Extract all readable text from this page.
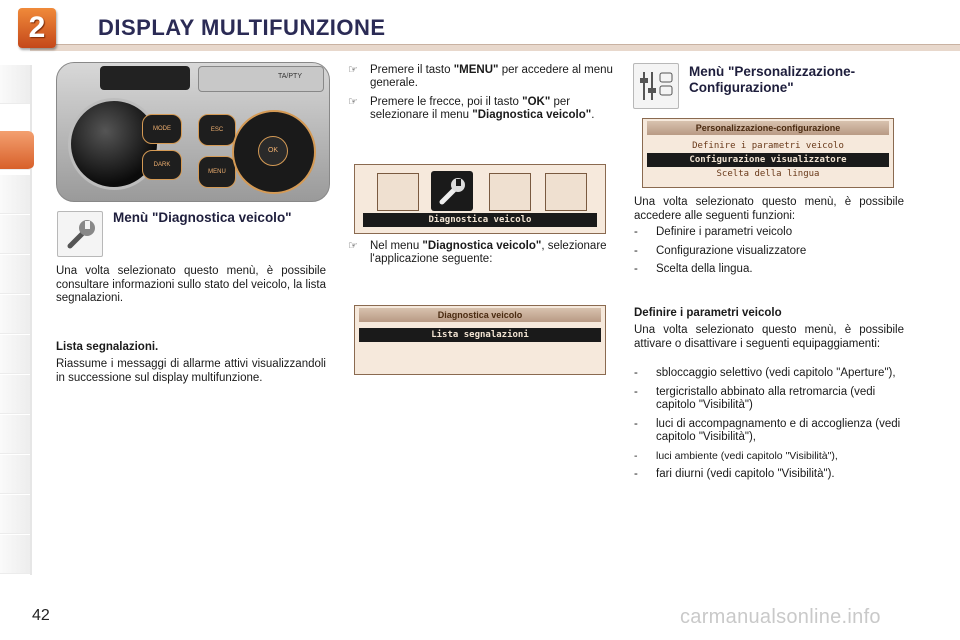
2	DISPLAY MULTIFUNZIONE
TA/PTY
MODE
DARK
ESC
MENU
OK
Menù "Diagnostica veicolo"
Una volta selezionato questo menù, è possibile consultare informazioni sullo stato del veicolo, la lista segnalazioni.
Lista segnalazioni.
Riassume i messaggi di allarme attivi visualizzandoli in successione sul display multifunzione.
☞ Premere il tasto "MENU" per accedere al menu generale.
☞ Premere le frecce, poi il tasto "OK" per selezionare il menu "Diagnostica veicolo".
Diagnostica veicolo
☞ Nel menu "Diagnostica veicolo", selezionare l'applicazione seguente:
Diagnostica veicolo
Lista segnalazioni
Menù "Personalizzazione-Configurazione"
Personalizzazione-configurazione
Definire i parametri veicolo
Configurazione visualizzatore
Scelta della lingua
Una volta selezionato questo menù, è possibile accedere alle seguenti funzioni:
- Definire i parametri veicolo
- Configurazione visualizzatore
- Scelta della lingua.
Definire i parametri veicolo
Una volta selezionato questo menù, è possibile attivare o disattivare i seguenti equipaggiamenti:
- sbloccaggio selettivo (vedi capitolo "Aperture"),
- tergicristallo abbinato alla retromarcia (vedi capitolo "Visibilità")
- luci di accompagnamento e di accoglienza (vedi capitolo "Visibilità"),
- luci ambiente (vedi capitolo "Visibilità"),
- fari diurni (vedi capitolo "Visibilità").
42	carmanualsonline.info
